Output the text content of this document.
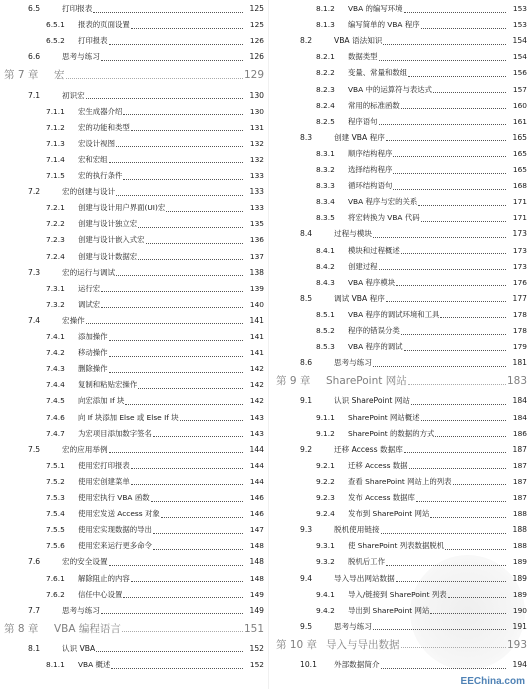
6.5	打印报表	125
6.5.1	报表的页面设置	125
6.5.2	打印报表	126
6.6	思考与练习	126
第 7 章	宏	129
7.1	初识宏	130
7.1.1	宏生成器介绍	130
7.1.2	宏的功能和类型	131
7.1.3	宏设计视图	132
7.1.4	宏和宏组	132
7.1.5	宏的执行条件	133
7.2	宏的创建与设计	133
7.2.1	创建与设计用户界面(UI)宏	133
7.2.2	创建与设计独立宏	135
7.2.3	创建与设计嵌入式宏	136
7.2.4	创建与设计数据宏	137
7.3	宏的运行与调试	138
7.3.1	运行宏	139
7.3.2	调试宏	140
7.4	宏操作	141
7.4.1	添加操作	141
7.4.2	移动操作	141
7.4.3	删除操作	142
7.4.4	复制和粘贴宏操作	142
7.4.5	向宏添加 If 块	142
7.4.6	向 If 块添加 Else 或 Else If 块	143
7.4.7	为宏项目添加数字签名	143
7.5	宏的应用举例	144
7.5.1	使用宏打印报表	144
7.5.2	使用宏创建菜单	144
7.5.3	使用宏执行 VBA 函数	146
7.5.4	使用宏发送 Access 对象	146
7.5.5	使用宏实现数据的导出	147
7.5.6	使用宏来运行更多命令	148
7.6	宏的安全设置	148
7.6.1	解除阻止的内容	148
7.6.2	信任中心设置	149
7.7	思考与练习	149
第 8 章	VBA 编程语言	151
8.1	认识 VBA	152
8.1.1	VBA 概述	152
8.1.2	VBA 的编写环境	153
8.1.3	编写简单的 VBA 程序	153
8.2	VBA 语法知识	154
8.2.1	数据类型	154
8.2.2	变量、常量和数组	156
8.2.3	VBA 中的运算符与表达式	157
8.2.4	常用的标准函数	160
8.2.5	程序语句	161
8.3	创建 VBA 程序	165
8.3.1	顺序结构程序	165
8.3.2	选择结构程序	165
8.3.3	循环结构语句	168
8.3.4	VBA 程序与宏的关系	171
8.3.5	将宏转换为 VBA 代码	171
8.4	过程与模块	173
8.4.1	模块和过程概述	173
8.4.2	创建过程	173
8.4.3	VBA 程序模块	176
8.5	调试 VBA 程序	177
8.5.1	VBA 程序的调试环境和工具	178
8.5.2	程序的错误分类	178
8.5.3	VBA 程序的调试	179
8.6	思考与练习	181
第 9 章	SharePoint 网站	183
9.1	认识 SharePoint 网站	184
9.1.1	SharePoint 网站概述	184
9.1.2	SharePoint 的数据的方式	186
9.2	迁移 Access 数据库	187
9.2.1	迁移 Access 数据	187
9.2.2	查看 SharePoint 网站上的列表	187
9.2.3	发布 Access 数据库	187
9.2.4	发布到 SharePoint 网站	188
9.3	脱机使用链接	188
9.3.1	使 SharePoint 列表数据脱机	188
9.3.2	脱机后工作	189
9.4	导入导出网站数据	189
9.4.1	导入/链接到 SharePoint 列表	189
9.4.2	导出到 SharePoint 网站	190
9.5	思考与练习	191
第 10 章 导入与导出数据	193
10.1	外部数据简介	194
EEChina.com
